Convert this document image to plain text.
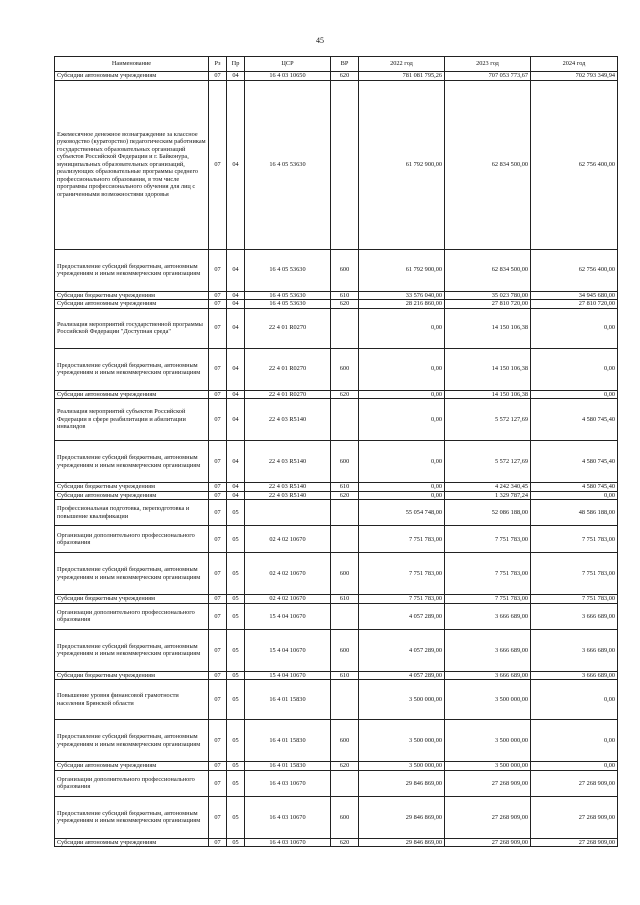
45
Наименование	Рз	Пр	ЦСР	ВР	2022 год	2023 год	2024 год
Субсидии автономным учреждениям	07	04	16 4 03 10650	620	781 081 795,26	707 053 773,67	702 793 349,94
Ежемесячное денежное вознаграждение за классное руководство (кураторство) педагогическим работникам государственных образовательных организаций субъектов Российской Федерации и г. Байконура, муниципальных образовательных организаций, реализующих образовательные программы среднего профессионального образования, в том числе программы профессионального обучения для лиц с ограниченными возможностями здоровья	07	04	16 4 05 53630		61 792 900,00	62 834 500,00	62 756 400,00
Предоставление субсидий бюджетным, автономным учреждениям и иным некоммерческим организациям	07	04	16 4 05 53630	600	61 792 900,00	62 834 500,00	62 756 400,00
Субсидии бюджетным учреждениям	07	04	16 4 05 53630	610	33 576 040,00	35 023 780,00	34 945 680,00
Субсидии автономным учреждениям	07	04	16 4 05 53630	620	28 216 860,00	27 810 720,00	27 810 720,00
Реализация мероприятий государственной программы Российской Федерации "Доступная среда"	07	04	22 4 01 R0270		0,00	14 150 106,38	0,00
Предоставление субсидий бюджетным, автономным учреждениям и иным некоммерческим организациям	07	04	22 4 01 R0270	600	0,00	14 150 106,38	0,00
Субсидии автономным учреждениям	07	04	22 4 01 R0270	620	0,00	14 150 106,38	0,00
Реализация мероприятий субъектов Российской Федерации в сфере реабилитации и абилитации инвалидов	07	04	22 4 03 R5140		0,00	5 572 127,69	4 580 745,40
Предоставление субсидий бюджетным, автономным учреждениям и иным некоммерческим организациям	07	04	22 4 03 R5140	600	0,00	5 572 127,69	4 580 745,40
Субсидии бюджетным учреждениям	07	04	22 4 03 R5140	610	0,00	4 242 340,45	4 580 745,40
Субсидии автономным учреждениям	07	04	22 4 03 R5140	620	0,00	1 329 787,24	0,00
Профессиональная подготовка, переподготовка и повышение квалификации	07	05			55 054 748,00	52 086 188,00	48 586 188,00
Организации дополнительного профессионального образования	07	05	02 4 02 10670		7 751 783,00	7 751 783,00	7 751 783,00
Предоставление субсидий бюджетным, автономным учреждениям и иным некоммерческим организациям	07	05	02 4 02 10670	600	7 751 783,00	7 751 783,00	7 751 783,00
Субсидии бюджетным учреждениям	07	05	02 4 02 10670	610	7 751 783,00	7 751 783,00	7 751 783,00
Организации дополнительного профессионального образования	07	05	15 4 04 10670		4 057 289,00	3 666 689,00	3 666 689,00
Предоставление субсидий бюджетным, автономным учреждениям и иным некоммерческим организациям	07	05	15 4 04 10670	600	4 057 289,00	3 666 689,00	3 666 689,00
Субсидии бюджетным учреждениям	07	05	15 4 04 10670	610	4 057 289,00	3 666 689,00	3 666 689,00
Повышение уровня финансовой грамотности населения Брянской области	07	05	16 4 01 15830		3 500 000,00	3 500 000,00	0,00
Предоставление субсидий бюджетным, автономным учреждениям и иным некоммерческим организациям	07	05	16 4 01 15830	600	3 500 000,00	3 500 000,00	0,00
Субсидии автономным учреждениям	07	05	16 4 01 15830	620	3 500 000,00	3 500 000,00	0,00
Организации дополнительного профессионального образования	07	05	16 4 03 10670		29 846 869,00	27 268 909,00	27 268 909,00
Предоставление субсидий бюджетным, автономным учреждениям и иным некоммерческим организациям	07	05	16 4 03 10670	600	29 846 869,00	27 268 909,00	27 268 909,00
Субсидии автономным учреждениям	07	05	16 4 03 10670	620	29 846 869,00	27 268 909,00	27 268 909,00
